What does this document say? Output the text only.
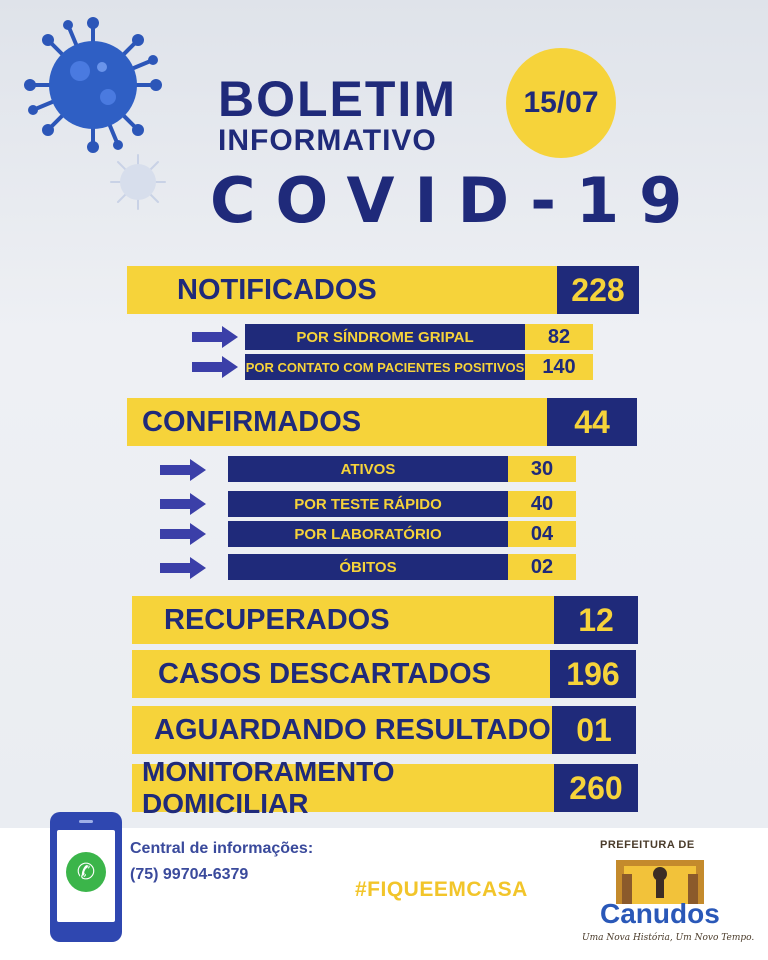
BOLETIM
INFORMATIVO
COVID-19
15/07
NOTIFICADOS	228
POR SÍNDROME GRIPAL	82
POR CONTATO COM PACIENTES POSITIVOS 140
CONFIRMADOS	44
ATIVOS	30
POR TESTE RÁPIDO	40
POR LABORATÓRIO	04
ÓBITOS	02
RECUPERADOS	12
CASOS DESCARTADOS	196
AGUARDANDO RESULTADO 01
MONITORAMENTO DOMICILIAR	260
✆
Central de informações:
(75) 99704-6379
#FIQUEEMCASA
PREFEITURA DE
Canudos
Uma Nova História, Um Novo Tempo.
